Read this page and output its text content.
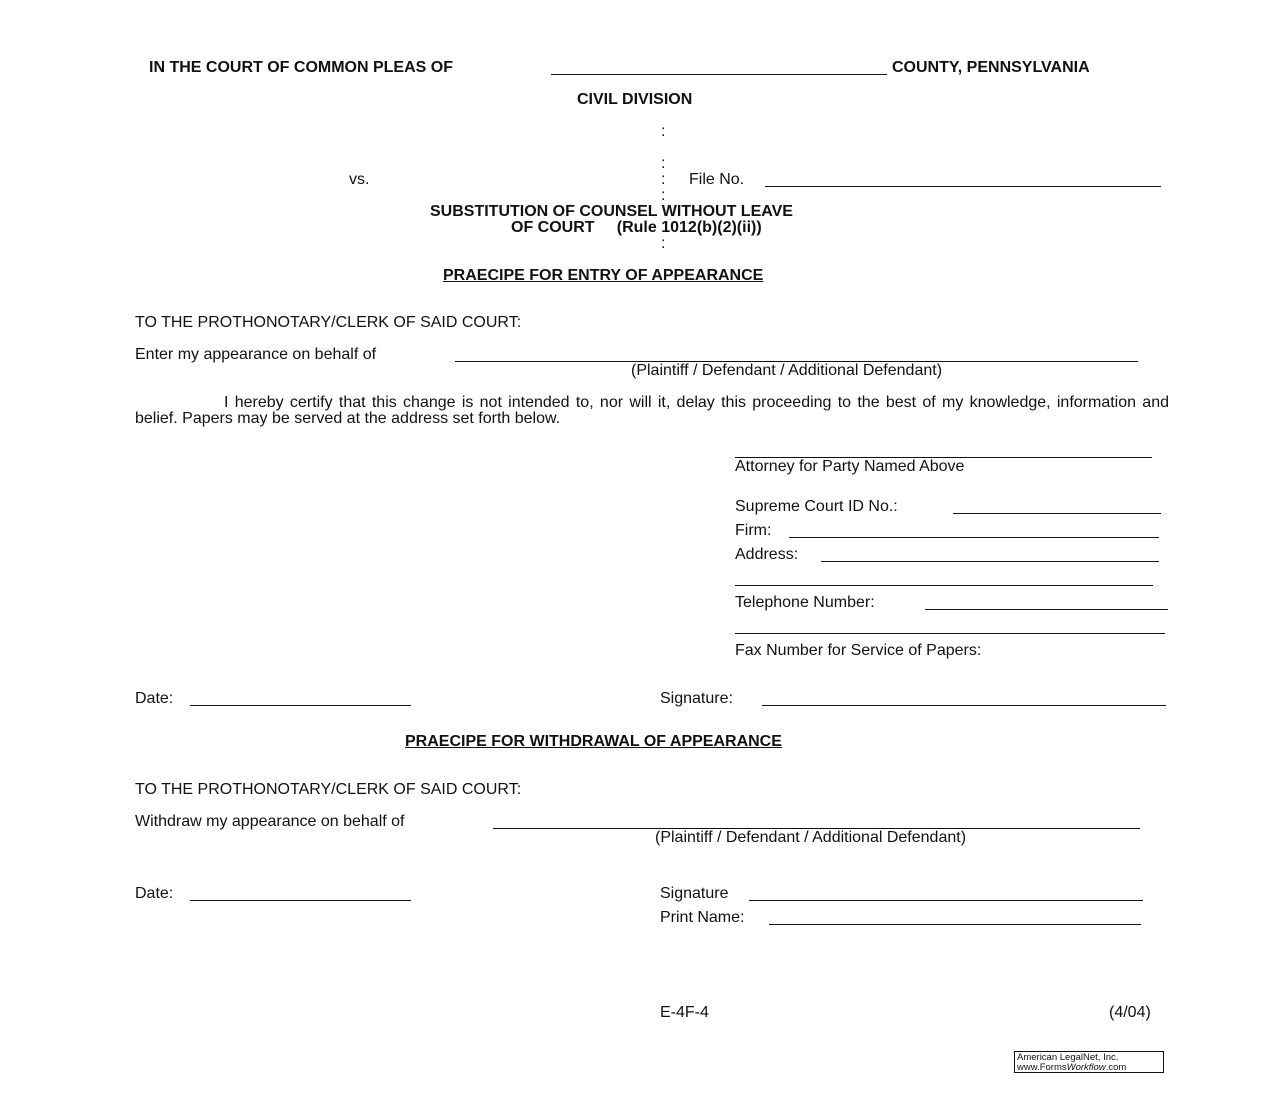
IN THE COURT OF COMMON PLEAS OF	COUNTY, PENNSYLVANIA
CIVIL DIVISION
:
:
vs.	: File No.
:
SUBSTITUTION OF COUNSEL WITHOUT LEAVE
OF COURT     (Rule 1012(b)(2)(ii))
:
PRAECIPE FOR ENTRY OF APPEARANCE
TO THE PROTHONOTARY/CLERK OF SAID COURT:
Enter my appearance on behalf of
(Plaintiff / Defendant / Additional Defendant)
I hereby certify that this change is not intended to, nor will it, delay this proceeding to the best of my knowledge, information and belief. Papers may be served at the address set forth below.
Attorney for Party Named Above
Supreme Court ID No.:
Firm:
Address:
Telephone Number:
Fax Number for Service of Papers:
Date:	Signature:
PRAECIPE FOR WITHDRAWAL OF APPEARANCE
TO THE PROTHONOTARY/CLERK OF SAID COURT:
Withdraw my appearance on behalf of
(Plaintiff / Defendant / Additional Defendant)
Date:	Signature
Print Name:
E-4F-4	(4/04)
American LegalNet, Inc.
www.FormsWorkflow.com
